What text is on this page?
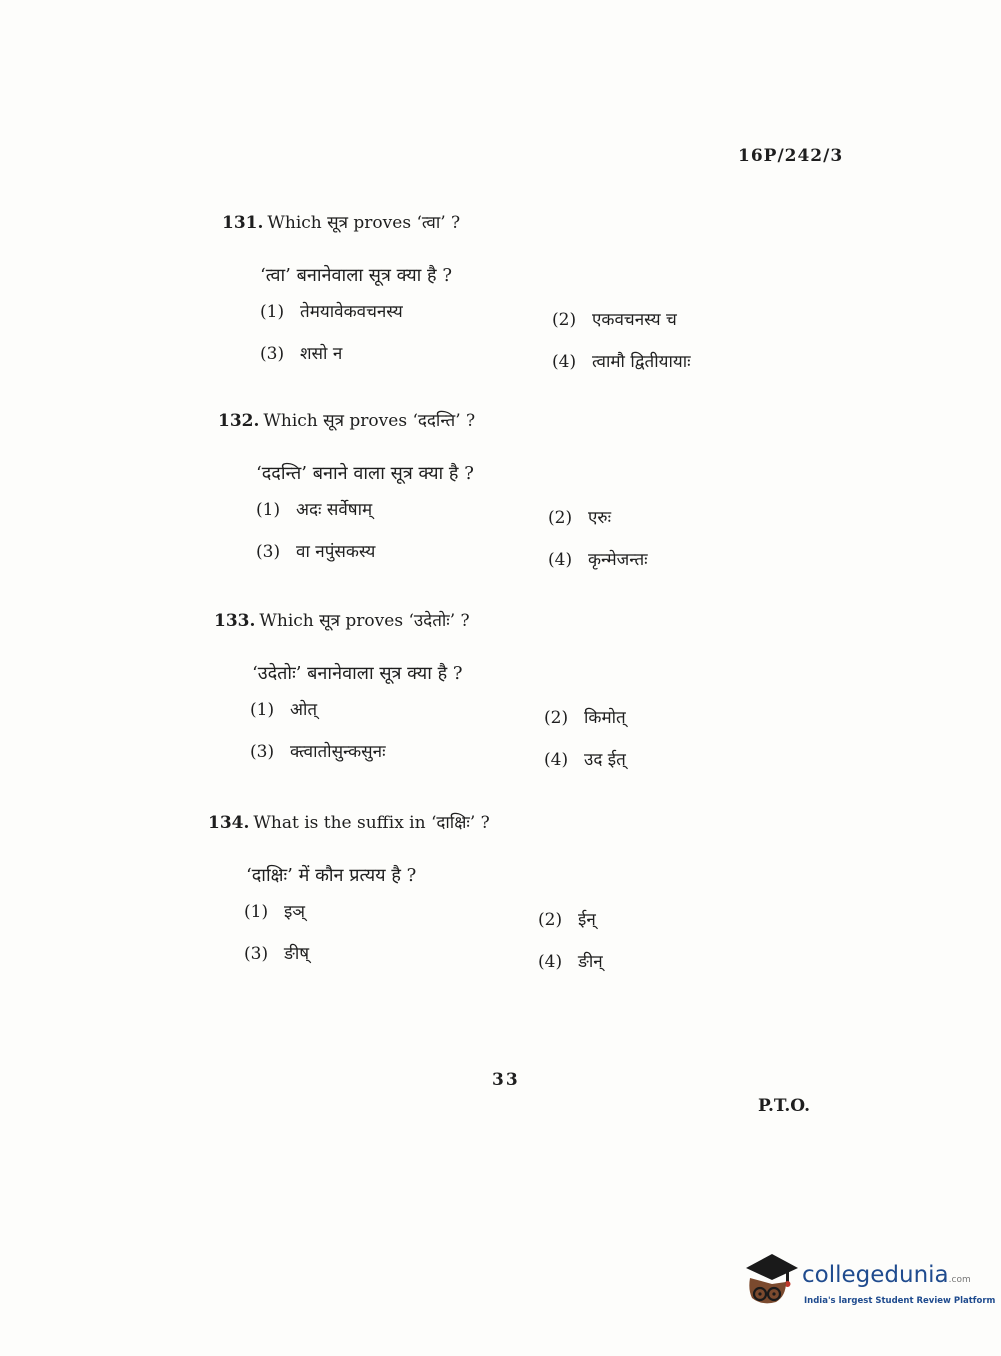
16P/242/3
131. Which सूत्र proves ‘त्वा’ ?
‘त्वा’ बनानेवाला सूत्र क्या है ?
(1) तेमयावेकवचनस्य	(2) एकवचनस्य च
(3) शसो न	(4) त्वामौ द्वितीयायाः
132. Which सूत्र proves ‘ददन्ति’ ?
‘ददन्ति’ बनाने वाला सूत्र क्या है ?
(1) अदः सर्वेषाम्	(2) एरुः
(3) वा नपुंसकस्य	(4) कृन्मेजन्तः
133. Which सूत्र proves ‘उदेतोः’ ?
‘उदेतोः’ बनानेवाला सूत्र क्या है ?
(1) ओत्	(2) किमोत्
(3) क्त्वातोसुन्कसुनः	(4) उद ईत्
134. What is the suffix in ‘दाक्षिः’ ?
‘दाक्षिः’ में कौन प्रत्यय है ?
(1) इञ्	(2) ईन्
(3) ङीष्	(4) ङीन्
33
P.T.O.
collegedunia.com
India's largest Student Review Platform
